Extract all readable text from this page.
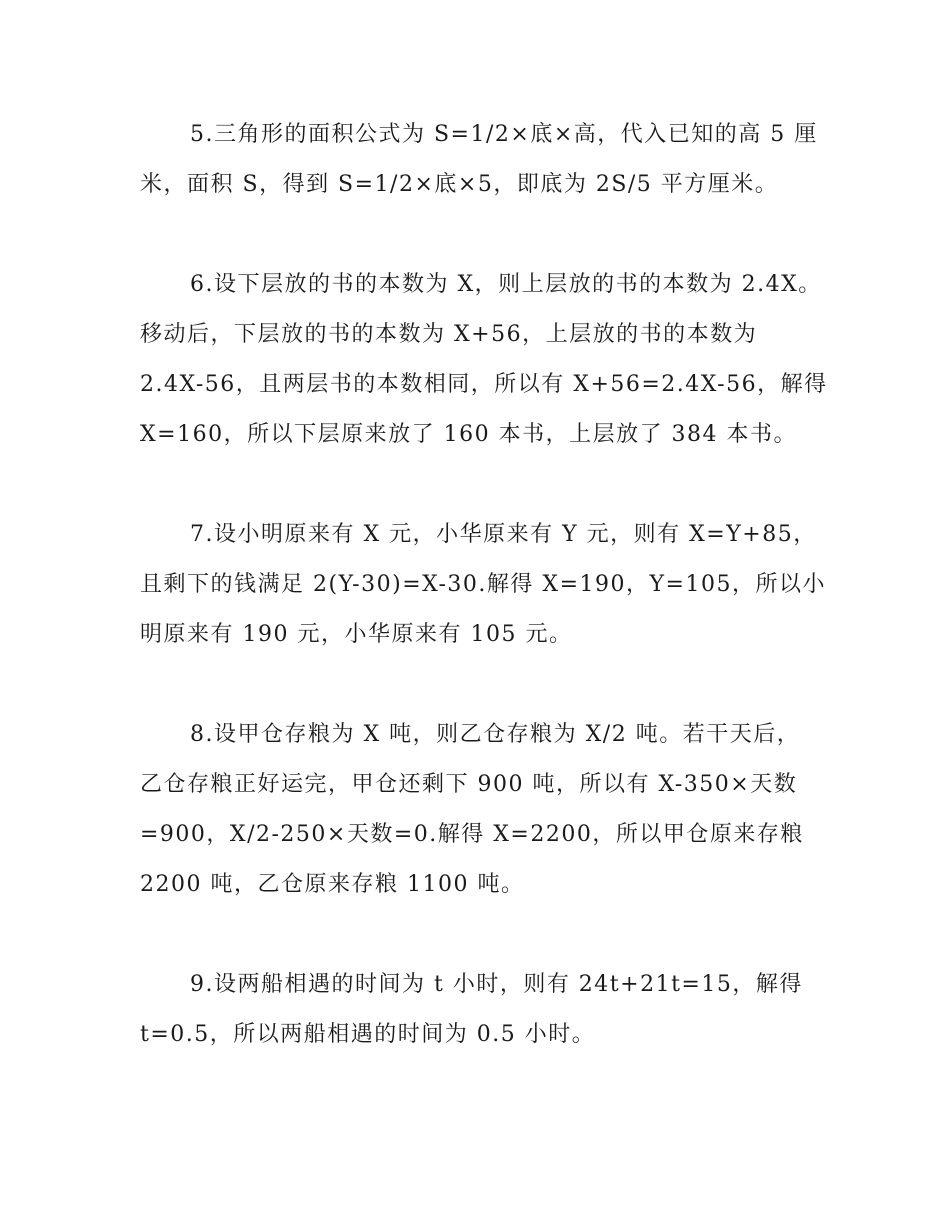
5.三角形的面积公式为 S=1/2×底×高，代入已知的高 5 厘
米，面积 S，得到 S=1/2×底×5，即底为 2S/5 平方厘米。
6.设下层放的书的本数为 X，则上层放的书的本数为 2.4X。
移动后，下层放的书的本数为 X+56，上层放的书的本数为
2.4X-56，且两层书的本数相同，所以有 X+56=2.4X-56，解得
X=160，所以下层原来放了 160 本书，上层放了 384 本书。
7.设小明原来有 X 元，小华原来有 Y 元，则有 X=Y+85，
且剩下的钱满足 2(Y-30)=X-30.解得 X=190，Y=105，所以小
明原来有 190 元，小华原来有 105 元。
8.设甲仓存粮为 X 吨，则乙仓存粮为 X/2 吨。若干天后，
乙仓存粮正好运完，甲仓还剩下 900 吨，所以有 X-350×天数
=900，X/2-250×天数=0.解得 X=2200，所以甲仓原来存粮
2200 吨，乙仓原来存粮 1100 吨。
9.设两船相遇的时间为 t 小时，则有 24t+21t=15，解得
t=0.5，所以两船相遇的时间为 0.5 小时。
